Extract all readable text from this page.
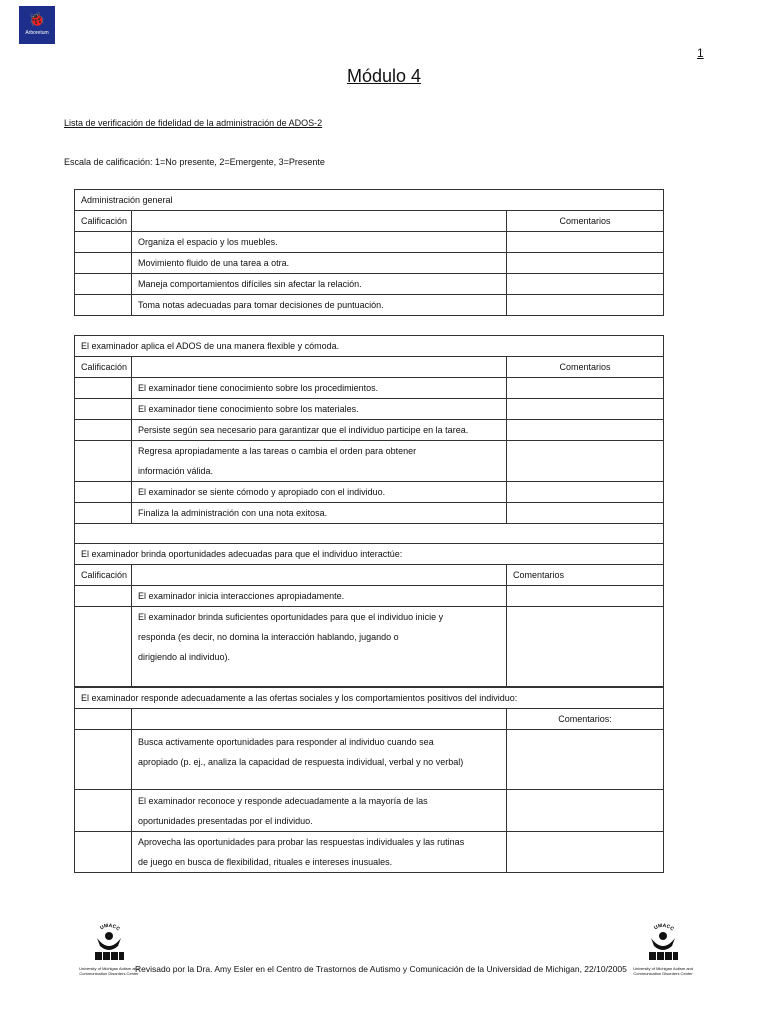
🐞
Arboretum
1
Módulo 4
Lista de verificación de fidelidad de la administración de ADOS-2
Escala de calificación: 1=No presente, 2=Emergente, 3=Presente
Administración general		
Calificación		Comentarios
	Organiza el espacio y los muebles.	
	Movimiento fluido de una tarea a otra.	
	Maneja comportamientos difíciles sin afectar la relación.	
	Toma notas adecuadas para tomar decisiones de puntuación.	

El examinador aplica el ADOS de una manera flexible y cómoda.		
Calificación		Comentarios
	El examinador tiene conocimiento sobre los procedimientos.	
	El examinador tiene conocimiento sobre los materiales.	
	Persiste según sea necesario para garantizar que el individuo participe en la tarea.	

	Regresa apropiadamente a las tareas o cambia el orden para obtener
información válida.	

	El examinador se siente cómodo y apropiado con el individuo.	
	Finaliza la administración con una nota exitosa.	

El examinador brinda oportunidades adecuadas para que el individuo interactúe:		
Calificación		Comentarios
	El examinador inicia interacciones apropiadamente.	

	El examinador brinda suficientes oportunidades para que el individuo inicie y
responda (es decir, no domina la interacción hablando, jugando o
dirigiendo al individuo).	

El examinador responde adecuadamente a las ofertas sociales y los comportamientos positivos del individuo:		
		Comentarios:

	Busca activamente oportunidades para responder al individuo cuando sea
apropiado (p. ej., analiza la capacidad de respuesta individual, verbal y no verbal)	

	El examinador reconoce y responde adecuadamente a la mayoría de las
oportunidades presentadas por el individuo.	

	Aprovecha las oportunidades para probar las respuestas individuales y las rutinas
de juego en busca de flexibilidad, rituales e intereses inusuales.	

UMACC
University of Michigan Autism and Communication Disorders Center
Revisado por la Dra. Amy Esler en el Centro de Trastornos de Autismo y Comunicación de la Universidad de Michigan, 22/10/2005
UMACC
University of Michigan Autism and Communication Disorders Center
